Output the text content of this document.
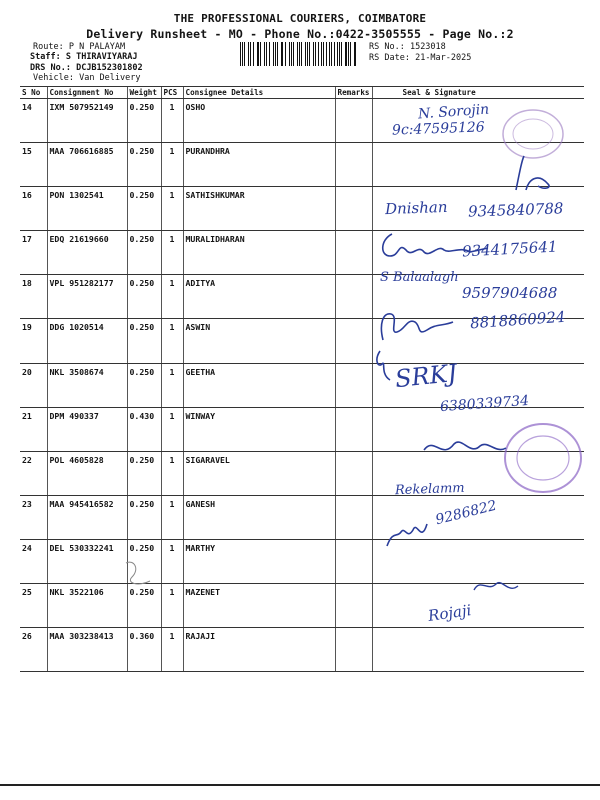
THE PROFESSIONAL COURIERS, COIMBATORE
Delivery Runsheet - MO - Phone No.:0422-3505555 - Page No.:2
Route: P N PALAYAM
Staff: S THIRAVIYARAJ
DRS No.: DCJB152301802
Vehicle: Van Delivery
RS No.: 1523018
RS Date: 21-Mar-2025
S No	Consignment No	Weight	PCS	Consignee Details	Remarks	Seal & Signature
14	IXM 507952149	0.250	1	OSHO		
15	MAA 706616885	0.250	1	PURANDHRA		
16	PON 1302541	0.250	1	SATHISHKUMAR		
17	EDQ 21619660	0.250	1	MURALIDHARAN		
18	VPL 951282177	0.250	1	ADITYA		
19	DDG 1020514	0.250	1	ASWIN		
20	NKL 3508674	0.250	1	GEETHA		
21	DPM 490337	0.430	1	WINWAY		
22	POL 4605828	0.250	1	SIGARAVEL		
23	MAA 945416582	0.250	1	GANESH		
24	DEL 530332241	0.250	1	MARTHY		
25	NKL 3522106	0.250	1	MAZENET		
26	MAA 303238413	0.360	1	RAJAJI		
N. Sorojin
9c:47595126
Dnishan 9345840788
9344175641
S Balaalagh
9597904688
8818860924
SRKJ
6380339734
Rekelamm
9286822
Rojaji
